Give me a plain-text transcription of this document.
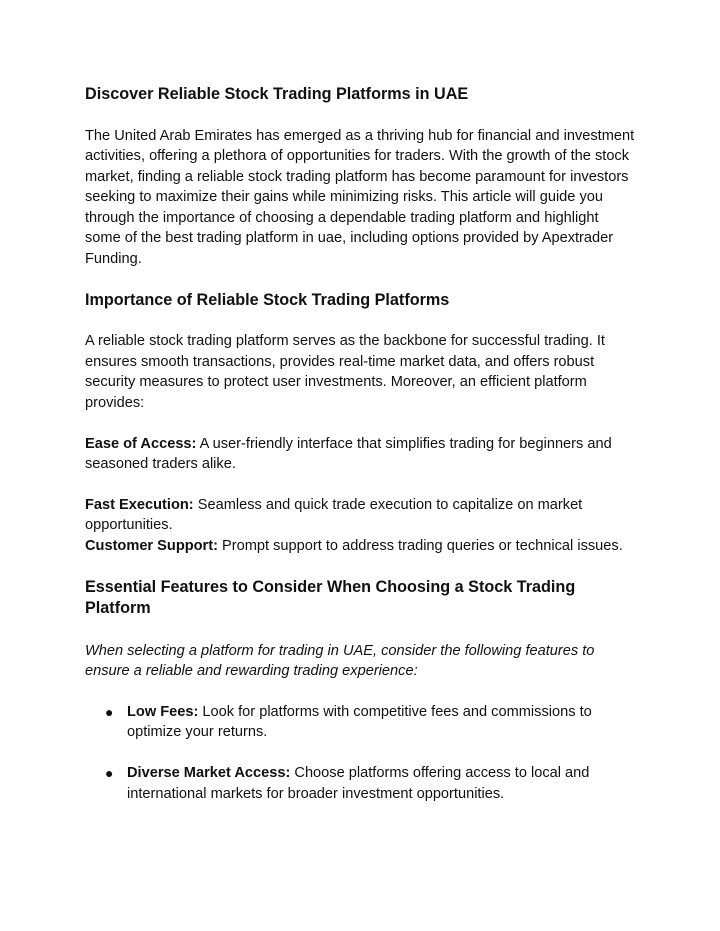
Discover Reliable Stock Trading Platforms in UAE

The United Arab Emirates has emerged as a thriving hub for financial and investment activities, offering a plethora of opportunities for traders. With the growth of the stock market, finding a reliable stock trading platform has become paramount for investors seeking to maximize their gains while minimizing risks. This article will guide you through the importance of choosing a dependable trading platform and highlight some of the best trading platform in uae, including options provided by Apextrader Funding.

Importance of Reliable Stock Trading Platforms

A reliable stock trading platform serves as the backbone for successful trading. It ensures smooth transactions, provides real-time market data, and offers robust security measures to protect user investments. Moreover, an efficient platform provides:

Ease of Access: A user-friendly interface that simplifies trading for beginners and seasoned traders alike.

Fast Execution: Seamless and quick trade execution to capitalize on market opportunities.

Customer Support: Prompt support to address trading queries or technical issues.

Essential Features to Consider When Choosing a Stock Trading Platform

When selecting a platform for trading in UAE, consider the following features to ensure a reliable and rewarding trading experience:

● Low Fees: Look for platforms with competitive fees and commissions to optimize your returns.
● Diverse Market Access: Choose platforms offering access to local and international markets for broader investment opportunities.
